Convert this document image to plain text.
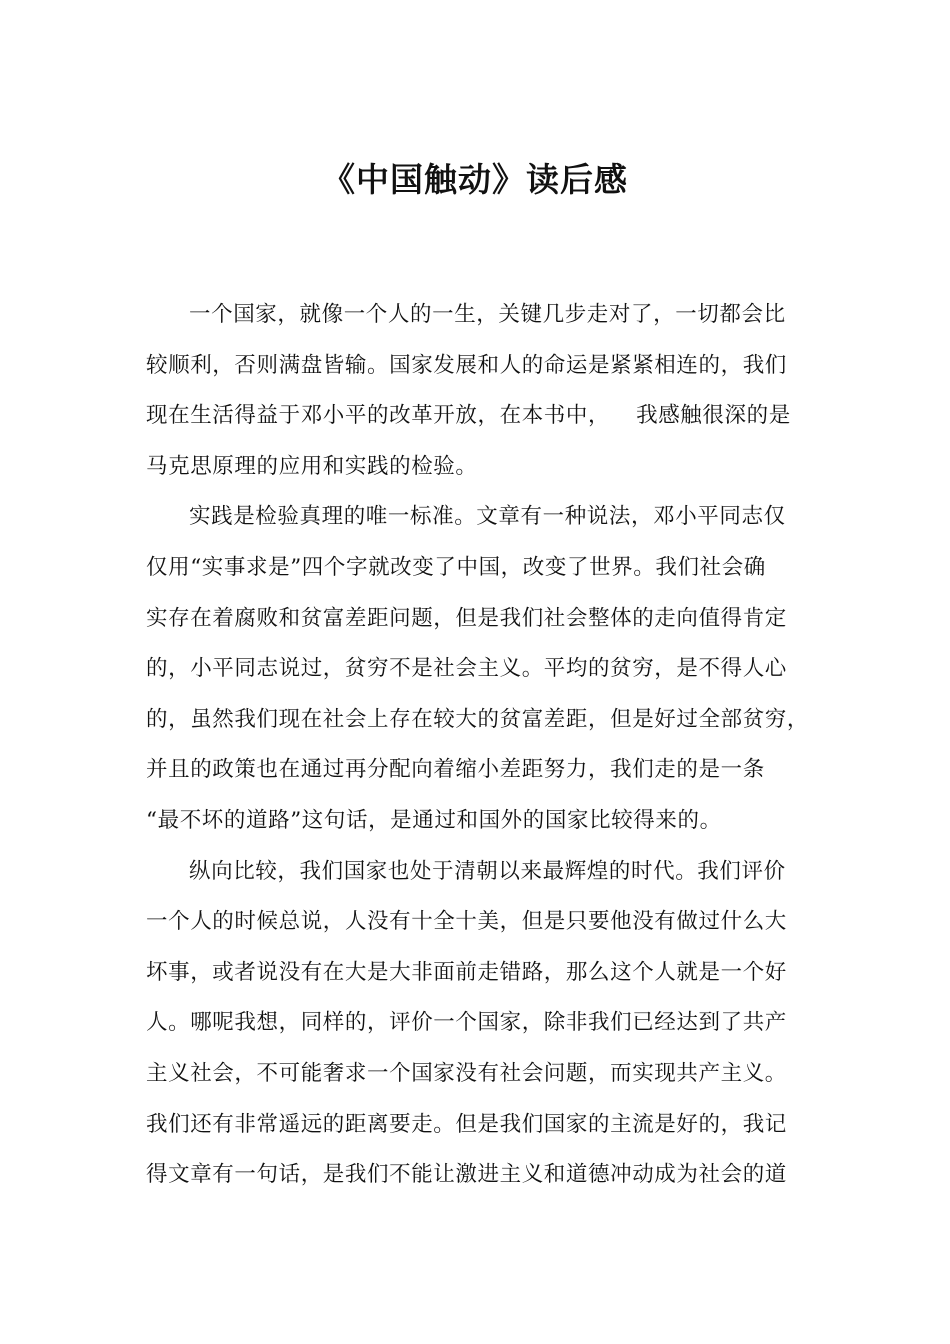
《中国触动》读后感
一个国家，就像一个人的一生，关键几步走对了，一切都会比
较顺利，否则满盘皆输。国家发展和人的命运是紧紧相连的，我们
现在生活得益于邓小平的改革开放，在本书中， 我感触很深的是
马克思原理的应用和实践的检验。
实践是检验真理的唯一标准。文章有一种说法，邓小平同志仅
仅用“实事求是”四个字就改变了中国，改变了世界。我们社会确
实存在着腐败和贫富差距问题，但是我们社会整体的走向值得肯定
的，小平同志说过，贫穷不是社会主义。平均的贫穷，是不得人心
的，虽然我们现在社会上存在较大的贫富差距，但是好过全部贫穷，
并且的政策也在通过再分配向着缩小差距努力，我们走的是一条
“最不坏的道路”这句话，是通过和国外的国家比较得来的。
纵向比较，我们国家也处于清朝以来最辉煌的时代。我们评价
一个人的时候总说，人没有十全十美，但是只要他没有做过什么大
坏事，或者说没有在大是大非面前走错路，那么这个人就是一个好
人。哪呢我想，同样的，评价一个国家，除非我们已经达到了共产
主义社会，不可能奢求一个国家没有社会问题，而实现共产主义。
我们还有非常遥远的距离要走。但是我们国家的主流是好的，我记
得文章有一句话，是我们不能让激进主义和道德冲动成为社会的道
